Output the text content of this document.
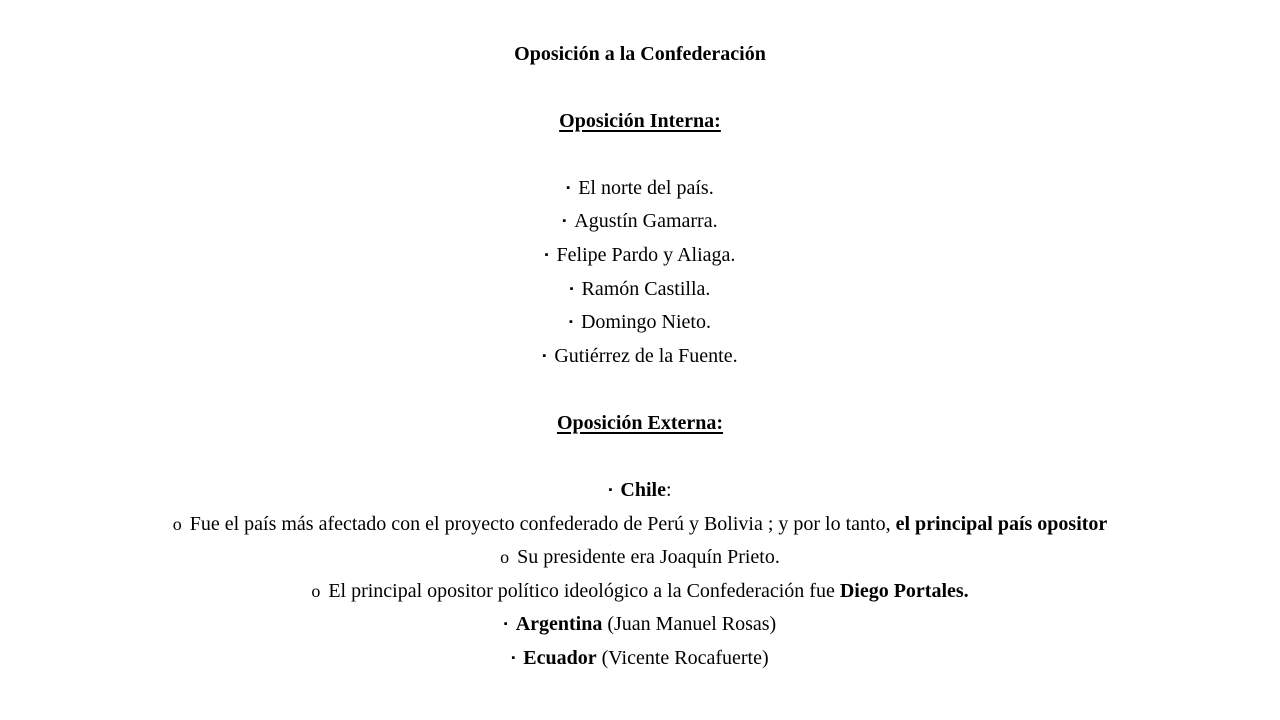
Oposición a la Confederación
Oposición Interna:
▪ El norte del país.
▪ Agustín Gamarra.
▪ Felipe Pardo y Aliaga.
▪ Ramón Castilla.
▪ Domingo Nieto.
▪ Gutiérrez de la Fuente.
Oposición Externa:
▪ Chile:
o Fue el país más afectado con el proyecto confederado de Perú y Bolivia ; y por lo tanto, el principal país opositor
o Su presidente era Joaquín Prieto.
o El principal opositor político ideológico a la Confederación fue Diego Portales.
▪ Argentina (Juan Manuel Rosas)
▪ Ecuador (Vicente Rocafuerte)
